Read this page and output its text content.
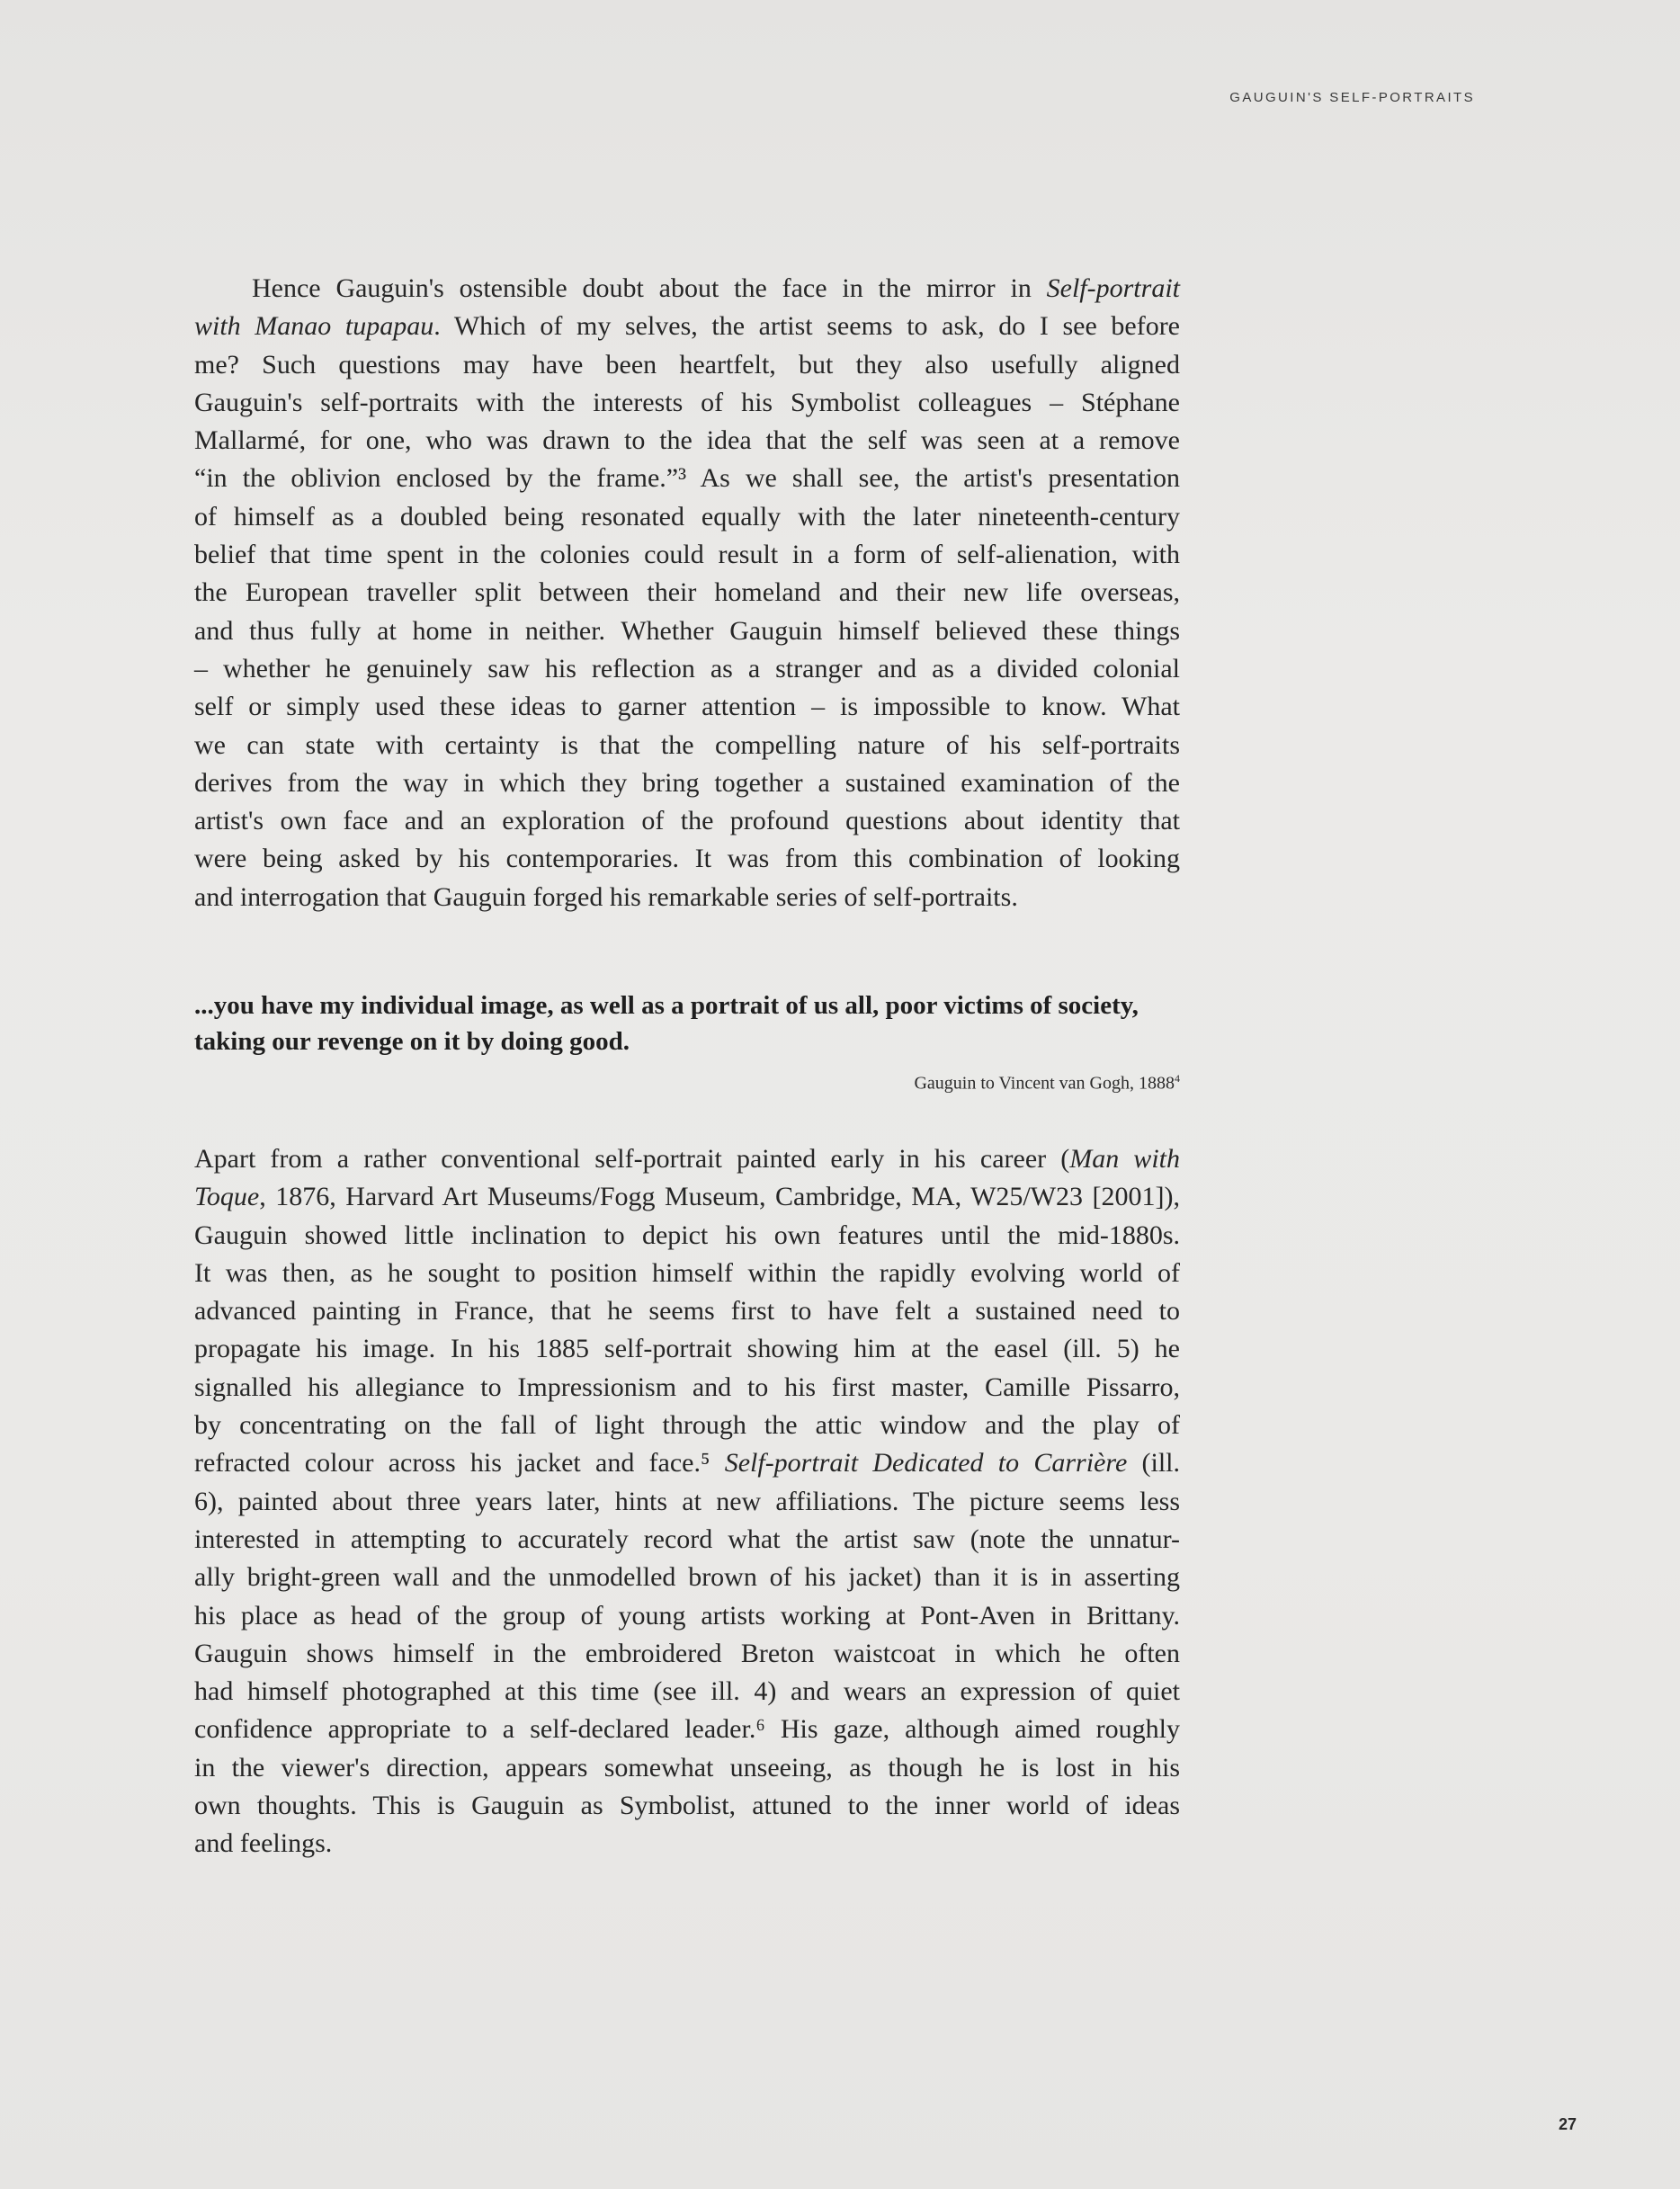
GAUGUIN'S SELF-PORTRAITS
Hence Gauguin's ostensible doubt about the face in the mirror in Self-portrait
with Manao tupapau. Which of my selves, the artist seems to ask, do I see before
me? Such questions may have been heartfelt, but they also usefully aligned
Gauguin's self-portraits with the interests of his Symbolist colleagues – Stéphane
Mallarmé, for one, who was drawn to the idea that the self was seen at a remove
“in the oblivion enclosed by the frame.”³ As we shall see, the artist's presentation
of himself as a doubled being resonated equally with the later nineteenth-century
belief that time spent in the colonies could result in a form of self-alienation, with
the European traveller split between their homeland and their new life overseas,
and thus fully at home in neither. Whether Gauguin himself believed these things
– whether he genuinely saw his reflection as a stranger and as a divided colonial
self or simply used these ideas to garner attention – is impossible to know. What
we can state with certainty is that the compelling nature of his self-portraits
derives from the way in which they bring together a sustained examination of the
artist's own face and an exploration of the profound questions about identity that
were being asked by his contemporaries. It was from this combination of looking
and interrogation that Gauguin forged his remarkable series of self-portraits.
...you have my individual image, as well as a portrait of us all, poor victims of society, taking our revenge on it by doing good.
Gauguin to Vincent van Gogh, 1888$^4$
Apart from a rather conventional self-portrait painted early in his career (Man with
Toque, 1876, Harvard Art Museums/Fogg Museum, Cambridge, MA, W25/W23 [2001]),
Gauguin showed little inclination to depict his own features until the mid-1880s.
It was then, as he sought to position himself within the rapidly evolving world of
advanced painting in France, that he seems first to have felt a sustained need to
propagate his image. In his 1885 self-portrait showing him at the easel (ill. 5) he
signalled his allegiance to Impressionism and to his first master, Camille Pissarro,
by concentrating on the fall of light through the attic window and the play of
refracted colour across his jacket and face.⁵ Self-portrait Dedicated to Carrière (ill.
6), painted about three years later, hints at new affiliations. The picture seems less
interested in attempting to accurately record what the artist saw (note the unnatur-
ally bright-green wall and the unmodelled brown of his jacket) than it is in asserting
his place as head of the group of young artists working at Pont-Aven in Brittany.
Gauguin shows himself in the embroidered Breton waistcoat in which he often
had himself photographed at this time (see ill. 4) and wears an expression of quiet
confidence appropriate to a self-declared leader.⁶ His gaze, although aimed roughly
in the viewer's direction, appears somewhat unseeing, as though he is lost in his
own thoughts. This is Gauguin as Symbolist, attuned to the inner world of ideas
and feelings.
27
